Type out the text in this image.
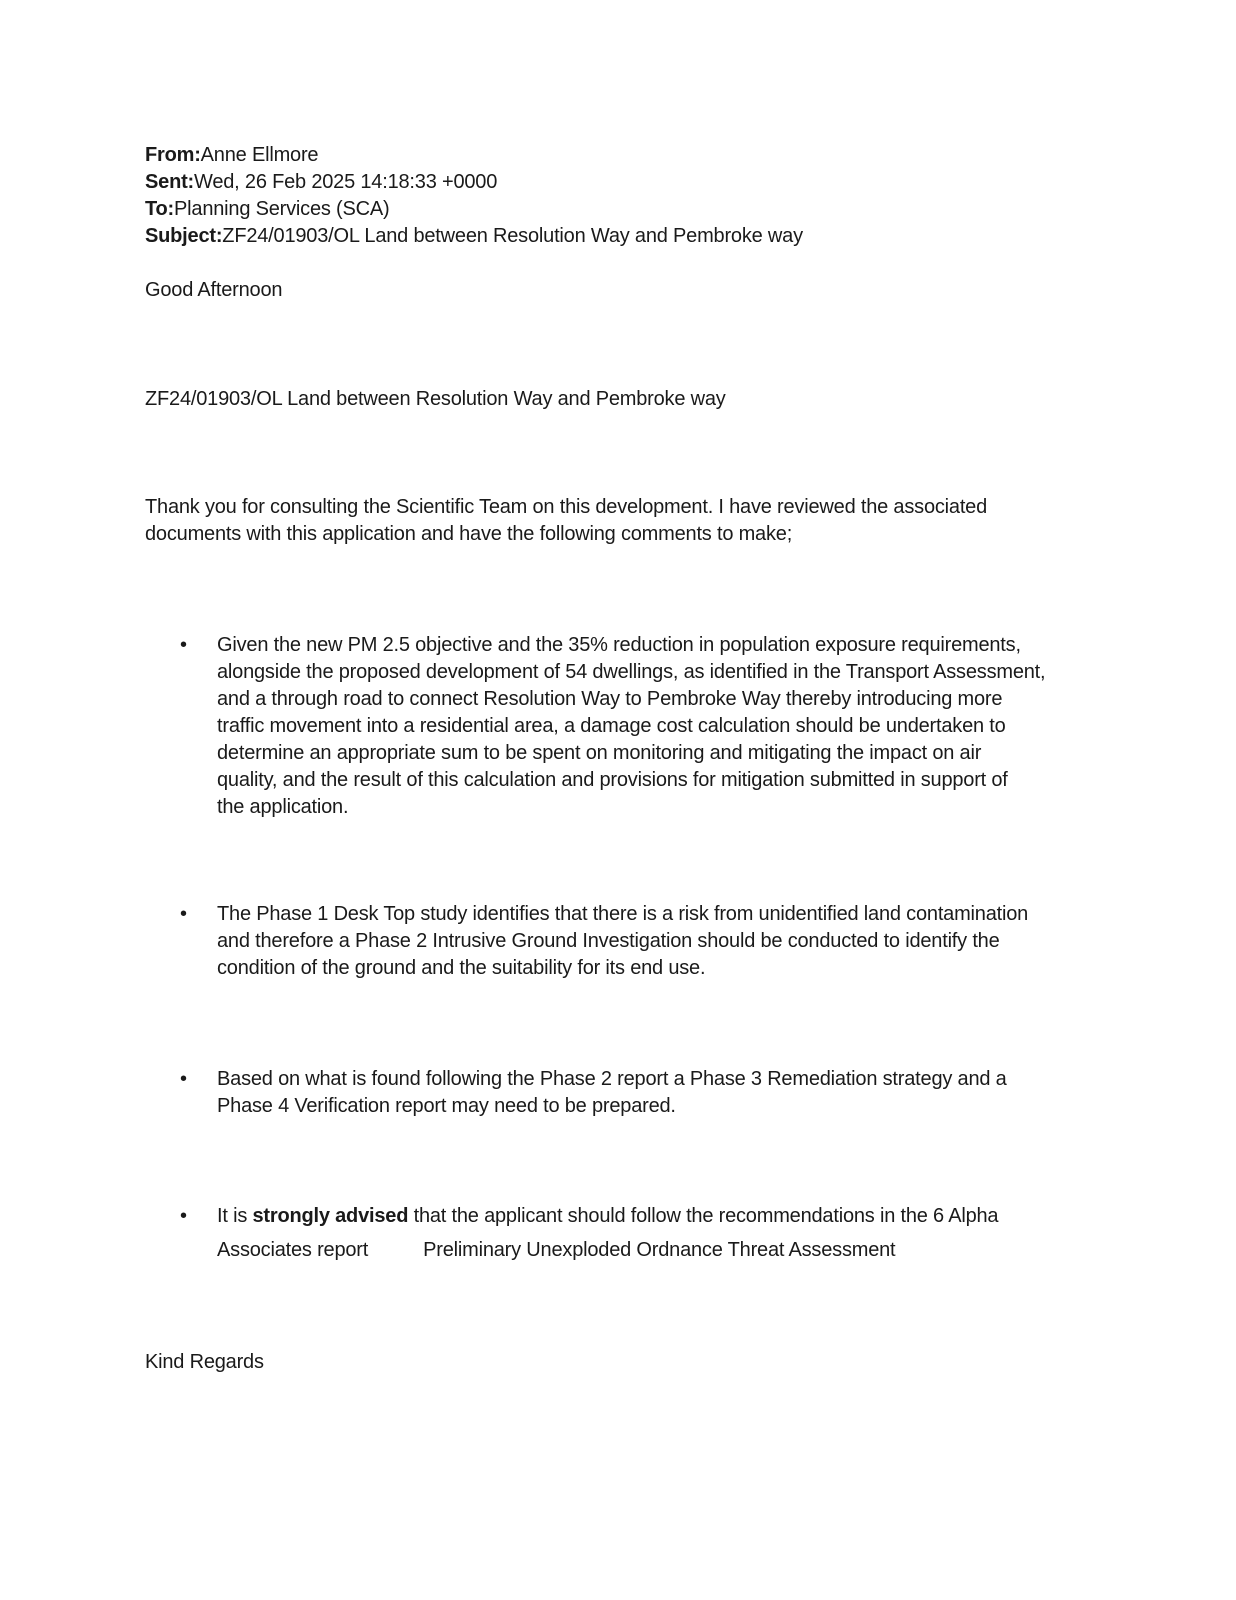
From:Anne Ellmore
Sent:Wed, 26 Feb 2025 14:18:33 +0000
To:Planning Services (SCA)
Subject:ZF24/01903/OL Land between Resolution Way and Pembroke way
Good Afternoon
ZF24/01903/OL Land between Resolution Way and Pembroke way
Thank you for consulting the Scientific Team on this development. I have reviewed the associated
documents with this application and have the following comments to make;
• Given the new PM 2.5 objective and the 35% reduction in population exposure requirements,
alongside the proposed development of 54 dwellings, as identified in the Transport Assessment,
and a through road to connect Resolution Way to Pembroke Way thereby introducing more
traffic movement into a residential area, a damage cost calculation should be undertaken to
determine an appropriate sum to be spent on monitoring and mitigating the impact on air
quality, and the result of this calculation and provisions for mitigation submitted in support of
the application.
• The Phase 1 Desk Top study identifies that there is a risk from unidentified land contamination
and therefore a Phase 2 Intrusive Ground Investigation should be conducted to identify the
condition of the ground and the suitability for its end use.
• Based on what is found following the Phase 2 report a Phase 3 Remediation strategy and a
Phase 4 Verification report may need to be prepared.
• It is strongly advised that the applicant should follow the recommendations in the 6 Alpha
Associates report	Preliminary Unexploded Ordnance Threat Assessment
Kind Regards
